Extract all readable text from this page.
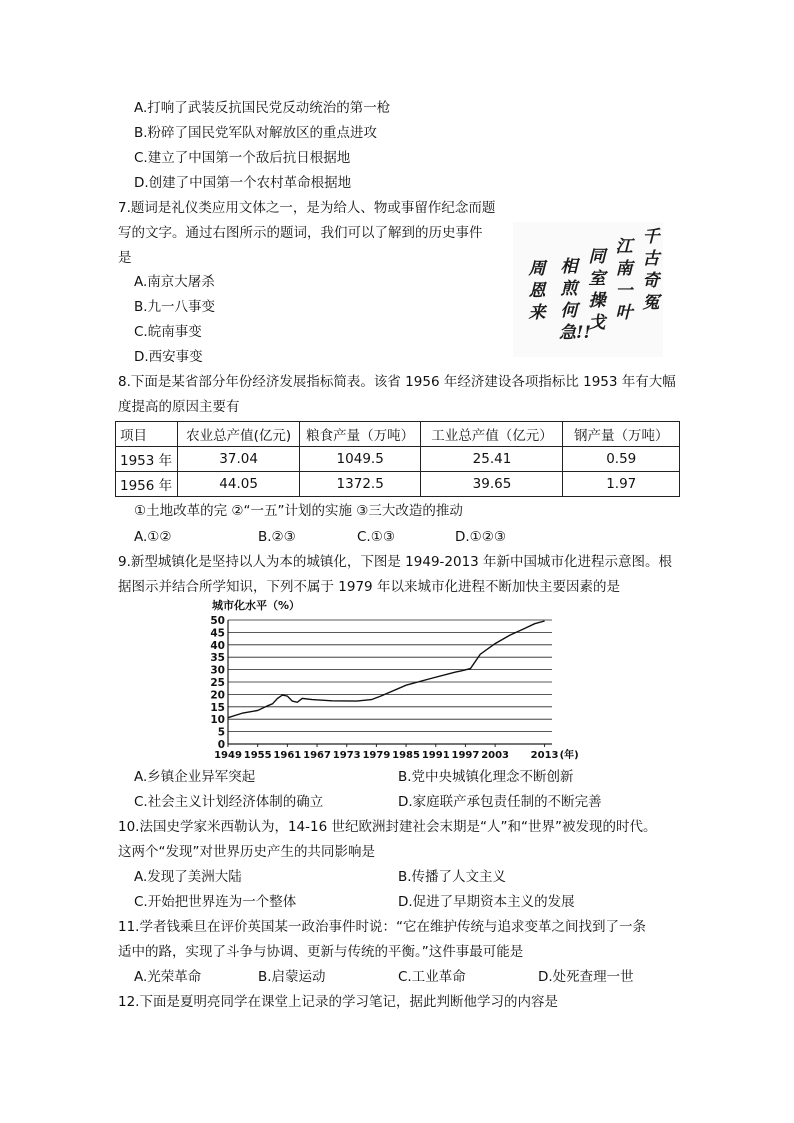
A.打响了武装反抗国民党反动统治的第一枪
B.粉碎了国民党军队对解放区的重点进攻
C.建立了中国第一个敌后抗日根据地
D.创建了中国第一个农村革命根据地
7.题词是礼仪类应用文体之一，是为给人、物或事留作纪念而题
写的文字。通过右图所示的题词，我们可以了解到的历史事件
是
A.南京大屠杀
B.九一八事变
C.皖南事变
D.西安事变
千古奇冤
江南一叶
同室操戈
相煎何急!!
周恩来
8.下面是某省部分年份经济发展指标简表。该省 1956 年经济建设各项指标比 1953 年有大幅
度提高的原因主要有
项目	农业总产值(亿元)	粮食产量（万吨）	工业总产值（亿元）	钢产量（万吨）
1953 年	37.04	1049.5	25.41	0.59
1956 年	44.05	1372.5	39.65	1.97
①土地改革的完 ②“一五”计划的实施 ③三大改造的推动
A.①②	B.②③	C.①③	D.①②③
9.新型城镇化是坚持以人为本的城镇化，下图是 1949-2013 年新中国城市化进程示意图。根
据图示并结合所学知识，下列不属于 1979 年以来城市化进程不断加快主要因素的是
城市化水平（%）
0
5
10
15
20
25
30
35
40
45
50
1949 1955 1961 1967 1973 1979 1985 1991 1997 2003 2013 (年)
A.乡镇企业异军突起	B.党中央城镇化理念不断创新
C.社会主义计划经济体制的确立	D.家庭联产承包责任制的不断完善
10.法国史学家米西勒认为，14-16 世纪欧洲封建社会末期是“人”和“世界”被发现的时代。
这两个“发现”对世界历史产生的共同影响是
A.发现了美洲大陆	B.传播了人文主义
C.开始把世界连为一个整体	D.促进了早期资本主义的发展
11.学者钱乘旦在评价英国某一政治事件时说：“它在维护传统与追求变革之间找到了一条
适中的路，实现了斗争与协调、更新与传统的平衡。”这件事最可能是
A.光荣革命	B.启蒙运动	C.工业革命	D.处死查理一世
12.下面是夏明亮同学在课堂上记录的学习笔记，据此判断他学习的内容是
